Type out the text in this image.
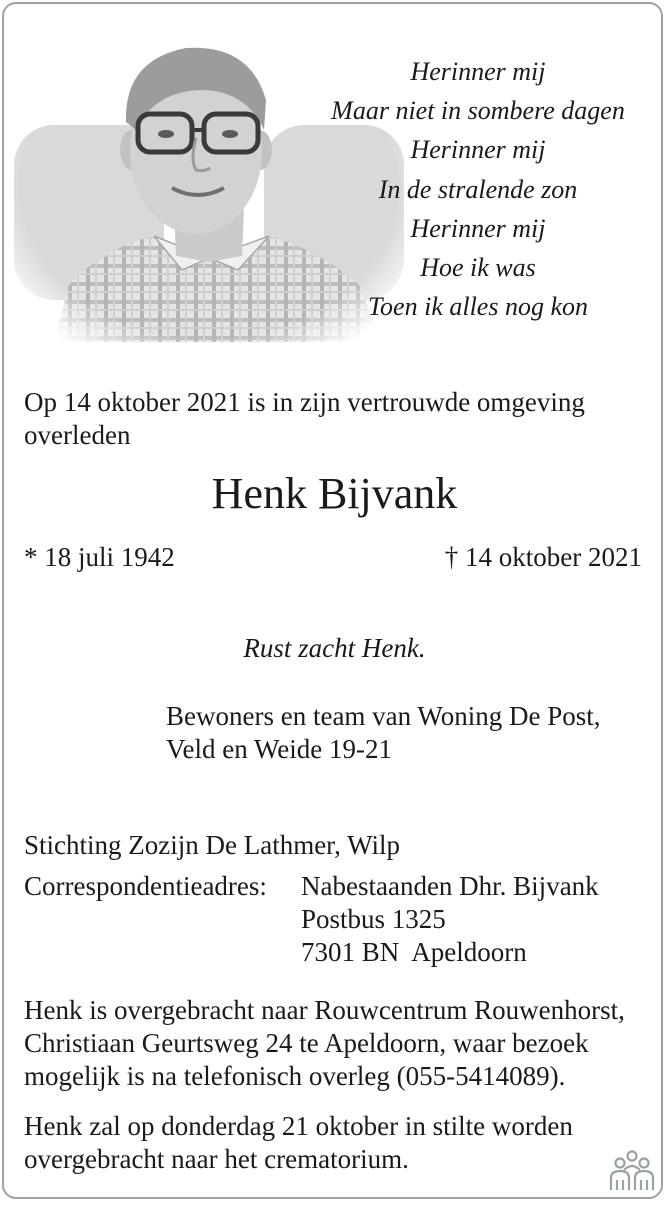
Herinner mij
Maar niet in sombere dagen
Herinner mij
In de stralende zon
Herinner mij
Hoe ik was
Toen ik alles nog kon
Op 14 oktober 2021 is in zijn vertrouwde omgeving
overleden
Henk Bijvank
* 18 juli 1942	† 14 oktober 2021
Rust zacht Henk.
Bewoners en team van Woning De Post,
Veld en Weide 19-21
Stichting Zozijn De Lathmer, Wilp
Correspondentieadres: Nabestaanden Dhr. Bijvank
Postbus 1325
7301 BN  Apeldoorn
Henk is overgebracht naar Rouwcentrum Rouwenhorst,
Christiaan Geurtsweg 24 te Apeldoorn, waar bezoek
mogelijk is na telefonisch overleg (055-5414089).
Henk zal op donderdag 21 oktober in stilte worden
overgebracht naar het crematorium.
